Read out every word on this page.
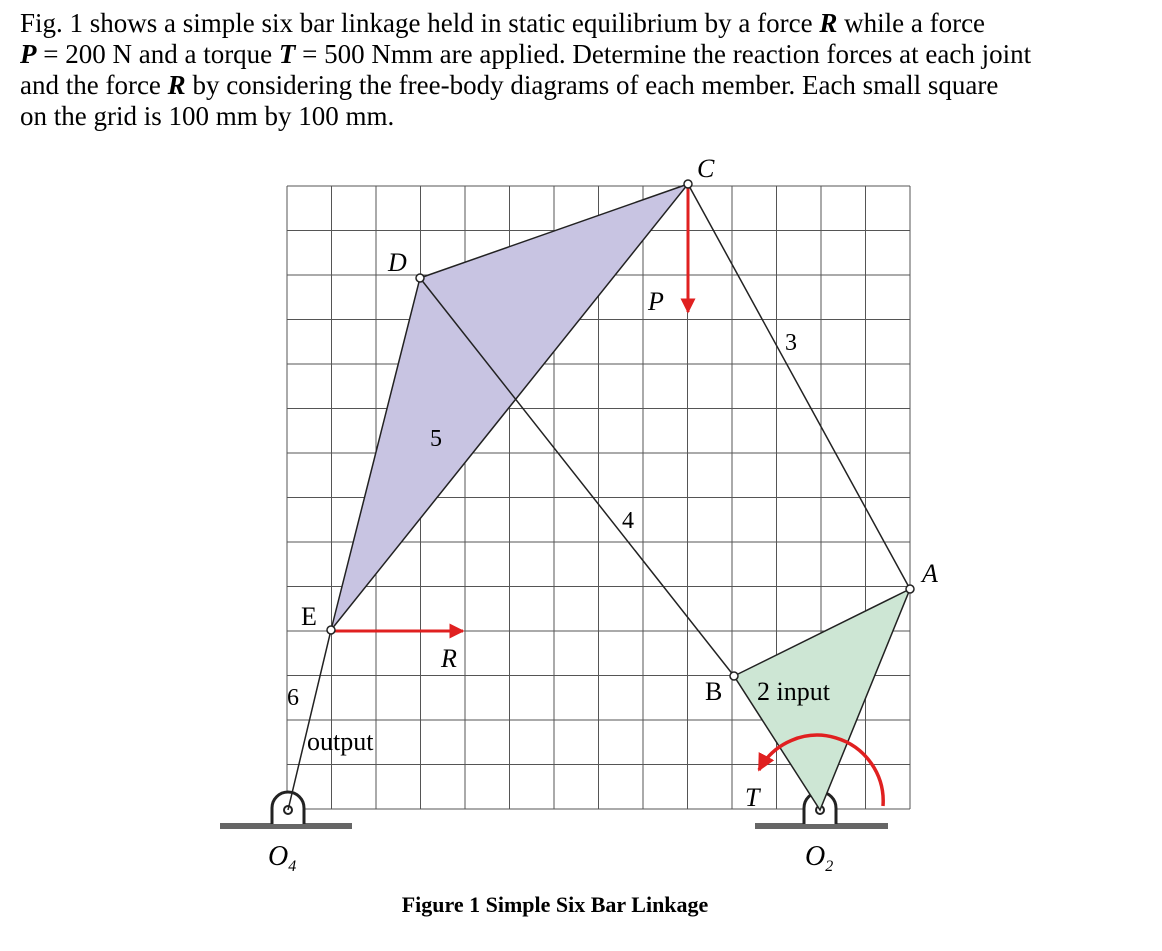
Fig. 1 shows a simple six bar linkage held in static equilibrium by a force R while a force

P = 200 N and a torque T = 500 Nmm are applied. Determine the reaction forces at each joint

and the force R by considering the free-body diagrams of each member. Each small square

on the grid is 100 mm by 100 mm.

C
D
P
3
5
4
A
E
R
6
output
B 2 input
T
$O_4$	$O_2$
Figure 1 Simple Six Bar Linkage
